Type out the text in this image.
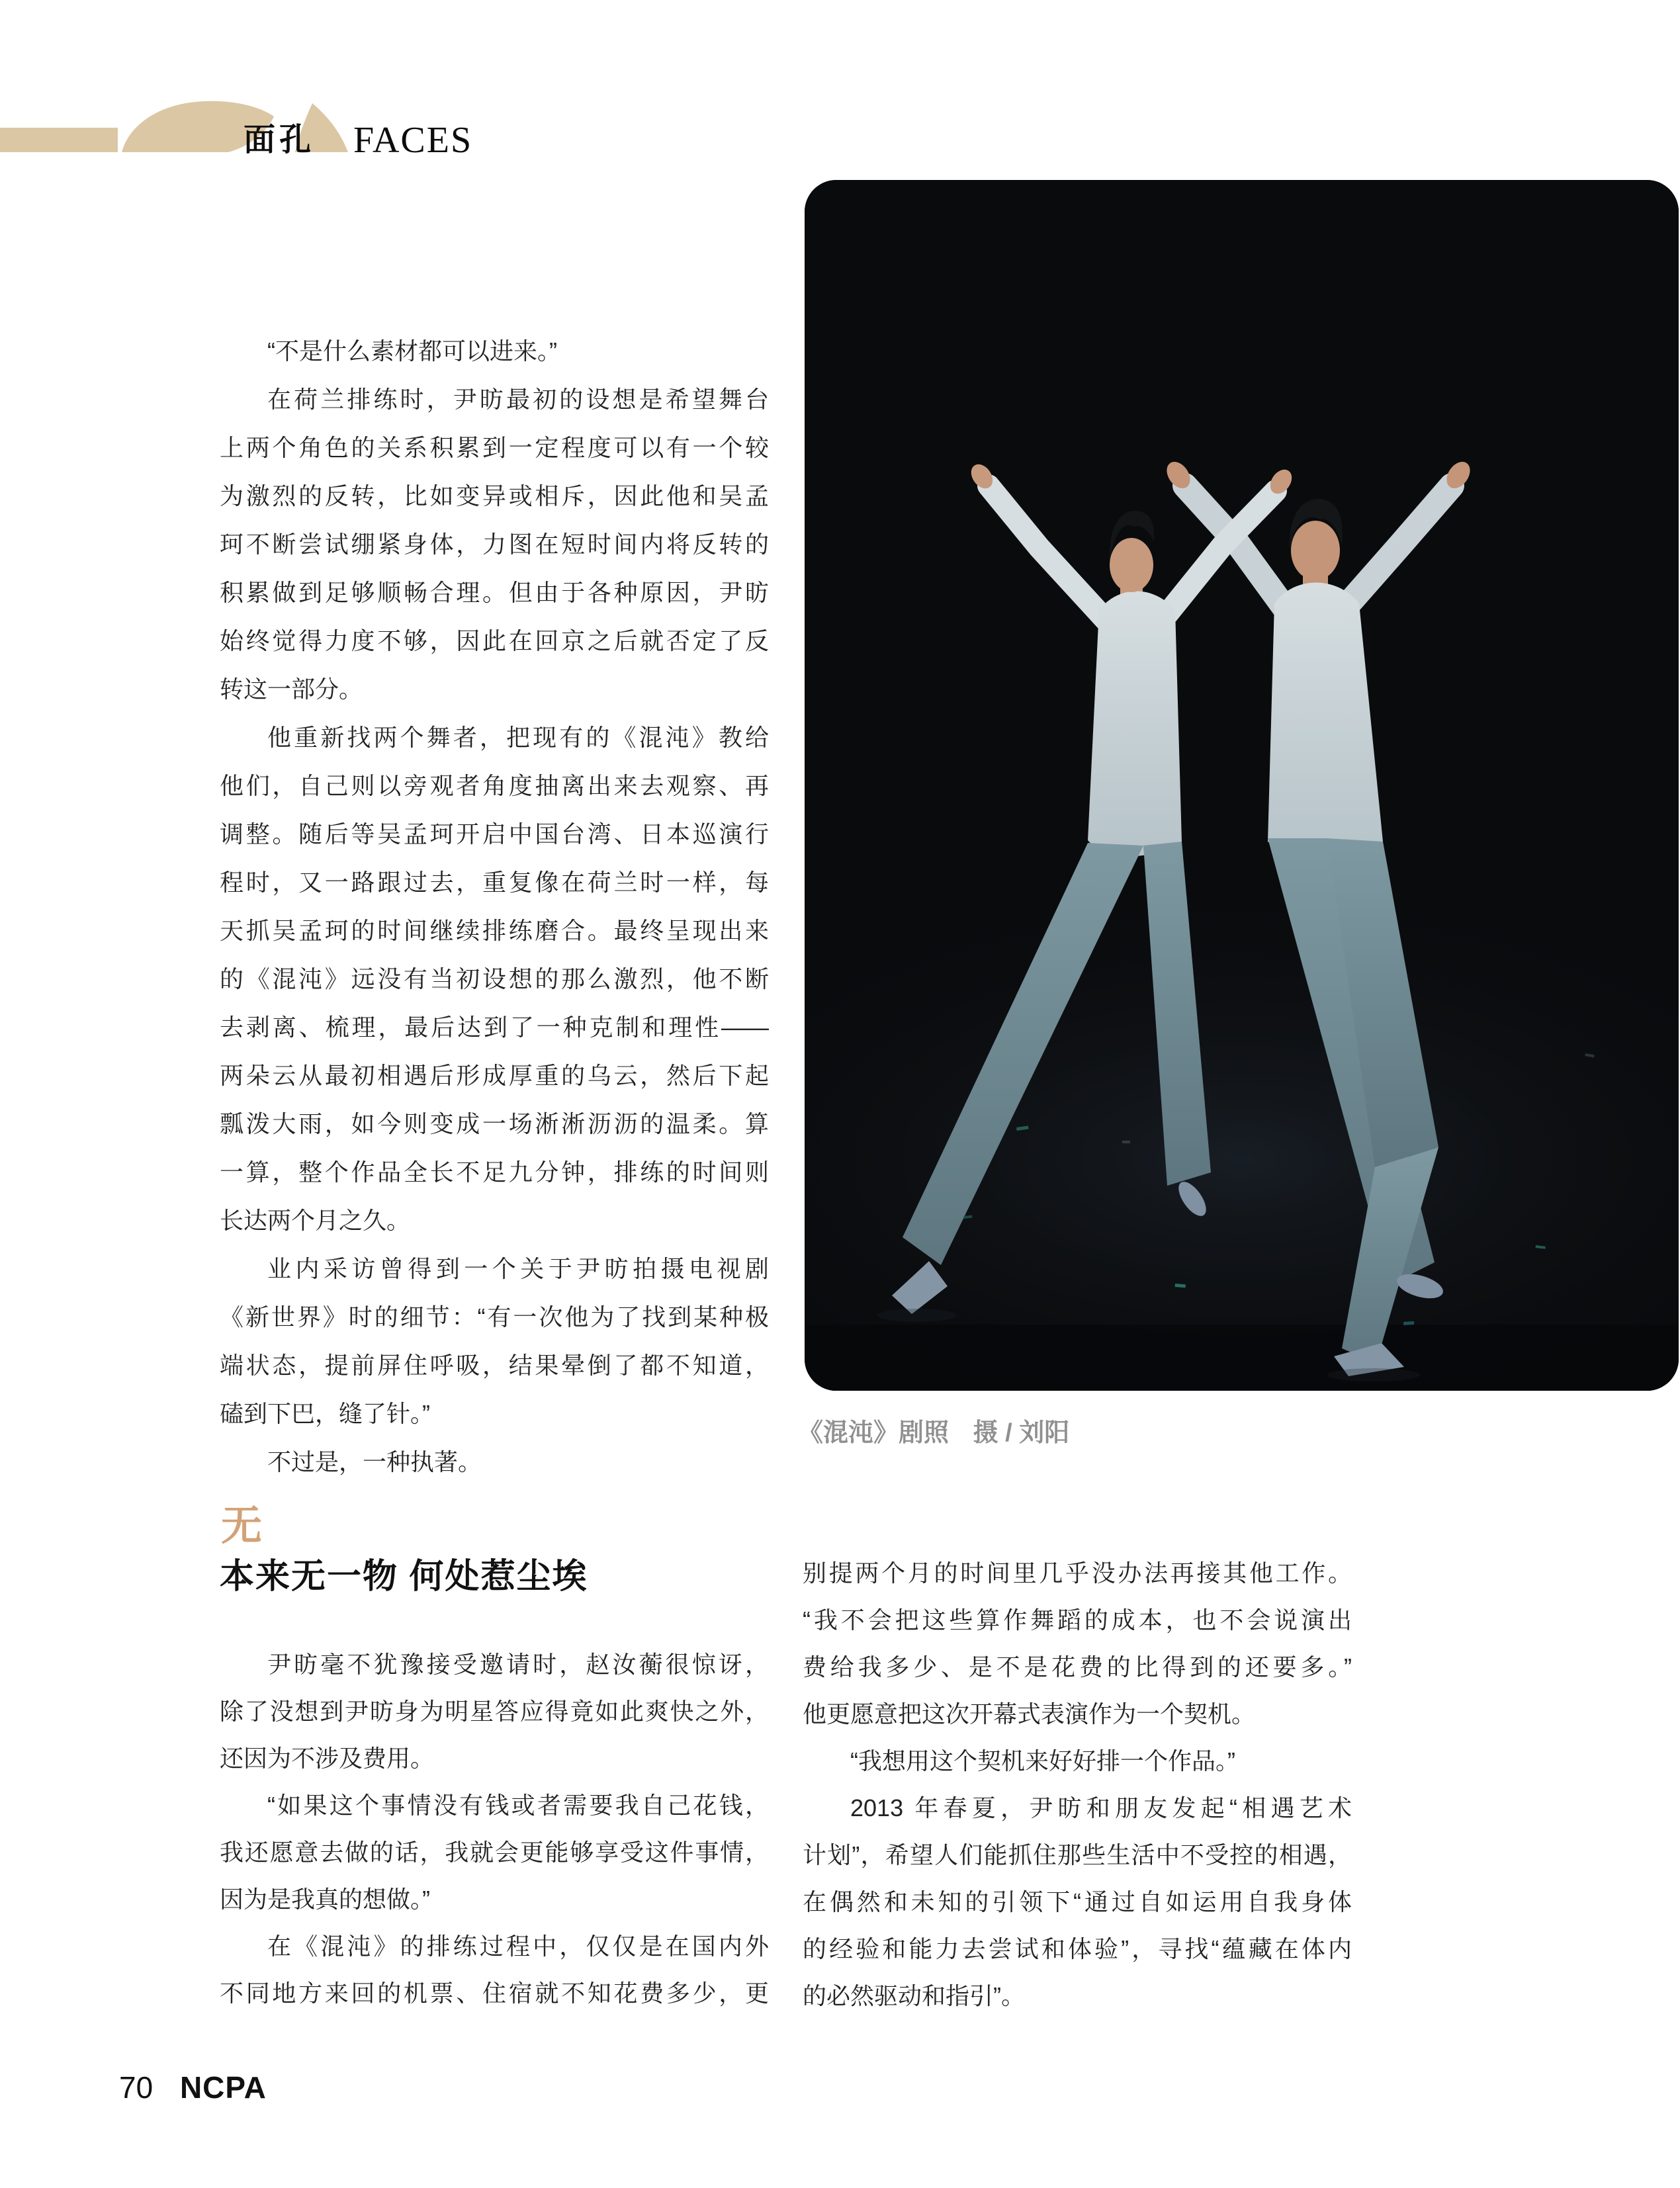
面孔 FACES
“不是什么素材都可以进来。”
在荷兰排练时，尹昉最初的设想是希望舞台
上两个角色的关系积累到一定程度可以有一个较
为激烈的反转，比如变异或相斥，因此他和吴孟
珂不断尝试绷紧身体，力图在短时间内将反转的
积累做到足够顺畅合理。但由于各种原因，尹昉
始终觉得力度不够，因此在回京之后就否定了反
转这一部分。
他重新找两个舞者，把现有的《混沌》教给
他们，自己则以旁观者角度抽离出来去观察、再
调整。随后等吴孟珂开启中国台湾、日本巡演行
程时，又一路跟过去，重复像在荷兰时一样，每
天抓吴孟珂的时间继续排练磨合。最终呈现出来
的《混沌》远没有当初设想的那么激烈，他不断
去剥离、梳理，最后达到了一种克制和理性——
两朵云从最初相遇后形成厚重的乌云，然后下起
瓢泼大雨，如今则变成一场淅淅沥沥的温柔。算
一算，整个作品全长不足九分钟，排练的时间则
长达两个月之久。
业内采访曾得到一个关于尹昉拍摄电视剧
《新世界》时的细节：“有一次他为了找到某种极
端状态，提前屏住呼吸，结果晕倒了都不知道，
磕到下巴，缝了针。”
不过是，一种执著。
无
本来无一物 何处惹尘埃
尹昉毫不犹豫接受邀请时，赵汝蘅很惊讶，
除了没想到尹昉身为明星答应得竟如此爽快之外，
还因为不涉及费用。
“如果这个事情没有钱或者需要我自己花钱，
我还愿意去做的话，我就会更能够享受这件事情，
因为是我真的想做。”
在《混沌》的排练过程中，仅仅是在国内外
不同地方来回的机票、住宿就不知花费多少，更
别提两个月的时间里几乎没办法再接其他工作。
“我不会把这些算作舞蹈的成本，也不会说演出
费给我多少、是不是花费的比得到的还要多。”
他更愿意把这次开幕式表演作为一个契机。
“我想用这个契机来好好排一个作品。”
2013 年春夏，尹昉和朋友发起“相遇艺术
计划”，希望人们能抓住那些生活中不受控的相遇，
在偶然和未知的引领下“通过自如运用自我身体
的经验和能力去尝试和体验”，寻找“蕴藏在体内
的必然驱动和指引”。
《混沌》剧照 摄 / 刘阳
70 NCPA
